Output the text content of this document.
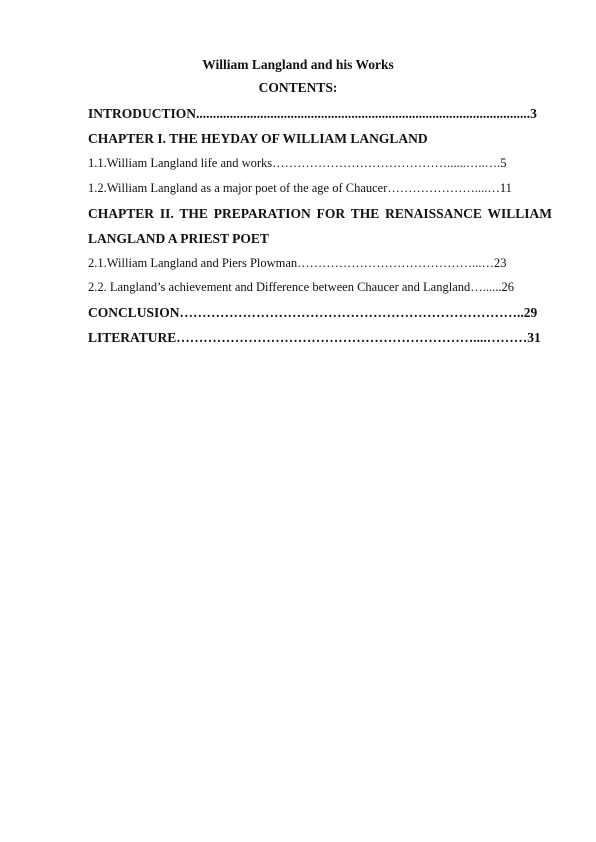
William Langland and his Works
CONTENTS:
INTRODUCTION...................................................................................................3
CHAPTER I. THE HEYDAY OF WILLIAM LANGLAND
1.1.William Langland life and works……………………………………......…..….5
1.2.William Langland as a major poet of the age of Chaucer…………………....…11
CHAPTER II. THE PREPARATION FOR THE RENAISSANCE WILLIAM
LANGLAND A PRIEST POET
2.1.William Langland and Piers Plowman……………………………………...…23
2.2. Langland’s achievement and Difference between Chaucer and Langland…......26
CONCLUSION…………………………………………………………………..29
LITERATURE…………………………………………………………....………31
